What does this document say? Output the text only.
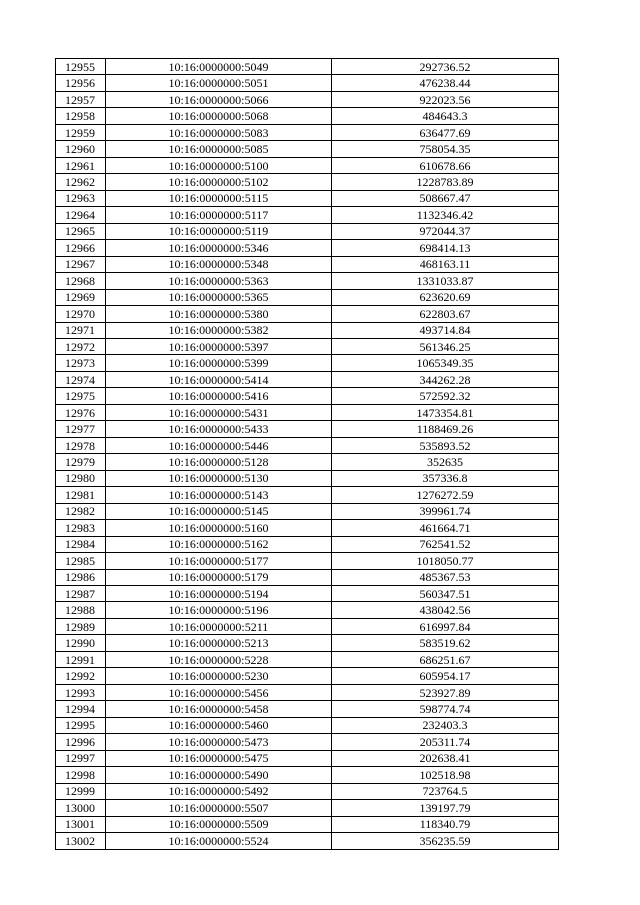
12955	10:16:0000000:5049	292736.52
12956	10:16:0000000:5051	476238.44
12957	10:16:0000000:5066	922023.56
12958	10:16:0000000:5068	484643.3
12959	10:16:0000000:5083	636477.69
12960	10:16:0000000:5085	758054.35
12961	10:16:0000000:5100	610678.66
12962	10:16:0000000:5102	1228783.89
12963	10:16:0000000:5115	508667.47
12964	10:16:0000000:5117	1132346.42
12965	10:16:0000000:5119	972044.37
12966	10:16:0000000:5346	698414.13
12967	10:16:0000000:5348	468163.11
12968	10:16:0000000:5363	1331033.87
12969	10:16:0000000:5365	623620.69
12970	10:16:0000000:5380	622803.67
12971	10:16:0000000:5382	493714.84
12972	10:16:0000000:5397	561346.25
12973	10:16:0000000:5399	1065349.35
12974	10:16:0000000:5414	344262.28
12975	10:16:0000000:5416	572592.32
12976	10:16:0000000:5431	1473354.81
12977	10:16:0000000:5433	1188469.26
12978	10:16:0000000:5446	535893.52
12979	10:16:0000000:5128	352635
12980	10:16:0000000:5130	357336.8
12981	10:16:0000000:5143	1276272.59
12982	10:16:0000000:5145	399961.74
12983	10:16:0000000:5160	461664.71
12984	10:16:0000000:5162	762541.52
12985	10:16:0000000:5177	1018050.77
12986	10:16:0000000:5179	485367.53
12987	10:16:0000000:5194	560347.51
12988	10:16:0000000:5196	438042.56
12989	10:16:0000000:5211	616997.84
12990	10:16:0000000:5213	583519.62
12991	10:16:0000000:5228	686251.67
12992	10:16:0000000:5230	605954.17
12993	10:16:0000000:5456	523927.89
12994	10:16:0000000:5458	598774.74
12995	10:16:0000000:5460	232403.3
12996	10:16:0000000:5473	205311.74
12997	10:16:0000000:5475	202638.41
12998	10:16:0000000:5490	102518.98
12999	10:16:0000000:5492	723764.5
13000	10:16:0000000:5507	139197.79
13001	10:16:0000000:5509	118340.79
13002	10:16:0000000:5524	356235.59
